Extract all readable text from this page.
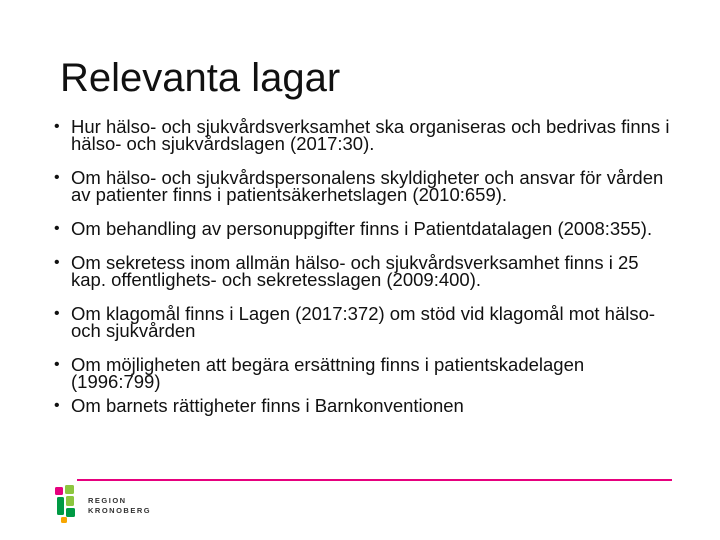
Relevanta lagar
• Hur hälso- och sjukvårdsverksamhet ska organiseras och bedrivas finns i hälso- och sjukvårdslagen (2017:30).
• Om hälso- och sjukvårdspersonalens skyldigheter och ansvar för vården av patienter finns i patientsäkerhetslagen (2010:659).
• Om behandling av personuppgifter finns i Patientdatalagen (2008:355).
• Om sekretess inom allmän hälso- och sjukvårdsverksamhet finns i 25 kap. offentlighets- och sekretesslagen (2009:400).
• Om klagomål finns i Lagen (2017:372) om stöd vid klagomål mot hälso- och sjukvården
• Om möjligheten att begära ersättning finns i patientskadelagen (1996:799)
• Om barnets rättigheter finns i Barnkonventionen
REGION
KRONOBERG
